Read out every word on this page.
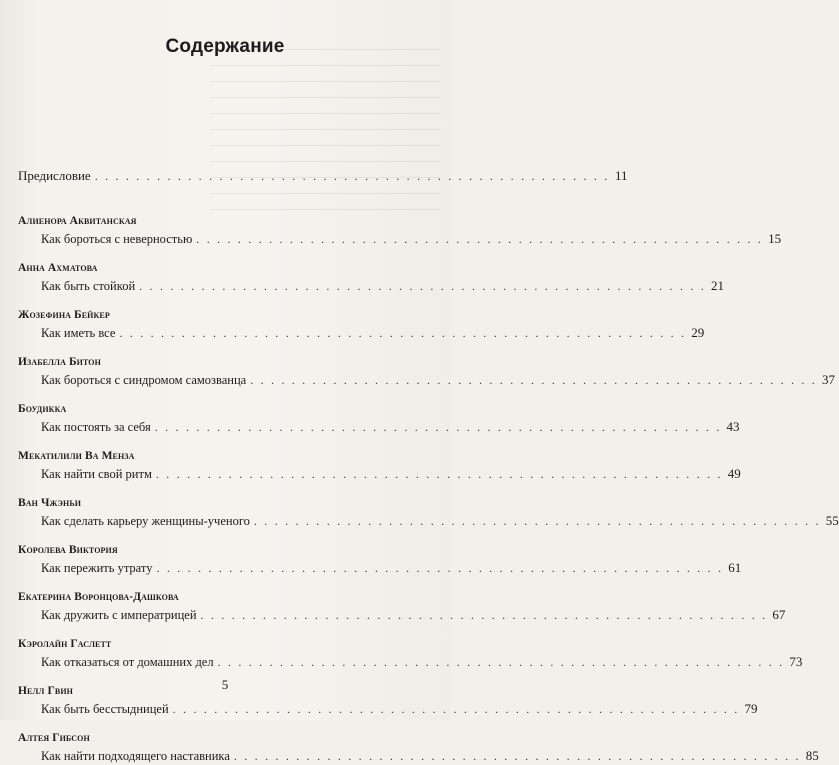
Содержание
Предисловие . . . . . . . . . . . . . . . . . . . . . . . . . . . . . . . . . . . . . . . . . . . . . . . . . . 11
Алиенора Аквитанская
Как бороться с неверностью . . . . . . . . . . . . . . . . . . . . . . . . . . . . . . . . . . . . . . . . . . . . . . . . . . . . . . . 15
Анна Ахматова
Как быть стойкой . . . . . . . . . . . . . . . . . . . . . . . . . . . . . . . . . . . . . . . . . . . . . . . . . . . . . . . 21
Жозефина Бейкер
Как иметь все . . . . . . . . . . . . . . . . . . . . . . . . . . . . . . . . . . . . . . . . . . . . . . . . . . . . . . . 29
Изабелла Битон
Как бороться с синдромом самозванца . . . . . . . . . . . . . . . . . . . . . . . . . . . . . . . . . . . . . . . . . . . . . . . . . . . . . . . 37
Боудикка
Как постоять за себя . . . . . . . . . . . . . . . . . . . . . . . . . . . . . . . . . . . . . . . . . . . . . . . . . . . . . . . 43
Мекатилили Ва Менза
Как найти свой ритм . . . . . . . . . . . . . . . . . . . . . . . . . . . . . . . . . . . . . . . . . . . . . . . . . . . . . . . 49
Ван Чжэньи
Как сделать карьеру женщины-ученого . . . . . . . . . . . . . . . . . . . . . . . . . . . . . . . . . . . . . . . . . . . . . . . . . . . . . . . 55
Королева Виктория
Как пережить утрату . . . . . . . . . . . . . . . . . . . . . . . . . . . . . . . . . . . . . . . . . . . . . . . . . . . . . . . 61
Екатерина Воронцова-Дашкова
Как дружить с императрицей . . . . . . . . . . . . . . . . . . . . . . . . . . . . . . . . . . . . . . . . . . . . . . . . . . . . . . . 67
Кэролайн Гаслетт
Как отказаться от домашних дел . . . . . . . . . . . . . . . . . . . . . . . . . . . . . . . . . . . . . . . . . . . . . . . . . . . . . . . 73
Нелл Гвин
Как быть бесстыдницей . . . . . . . . . . . . . . . . . . . . . . . . . . . . . . . . . . . . . . . . . . . . . . . . . . . . . . . 79
Алтея Гибсон
Как найти подходящего наставника . . . . . . . . . . . . . . . . . . . . . . . . . . . . . . . . . . . . . . . . . . . . . . . . . . . . . . . 85
5
